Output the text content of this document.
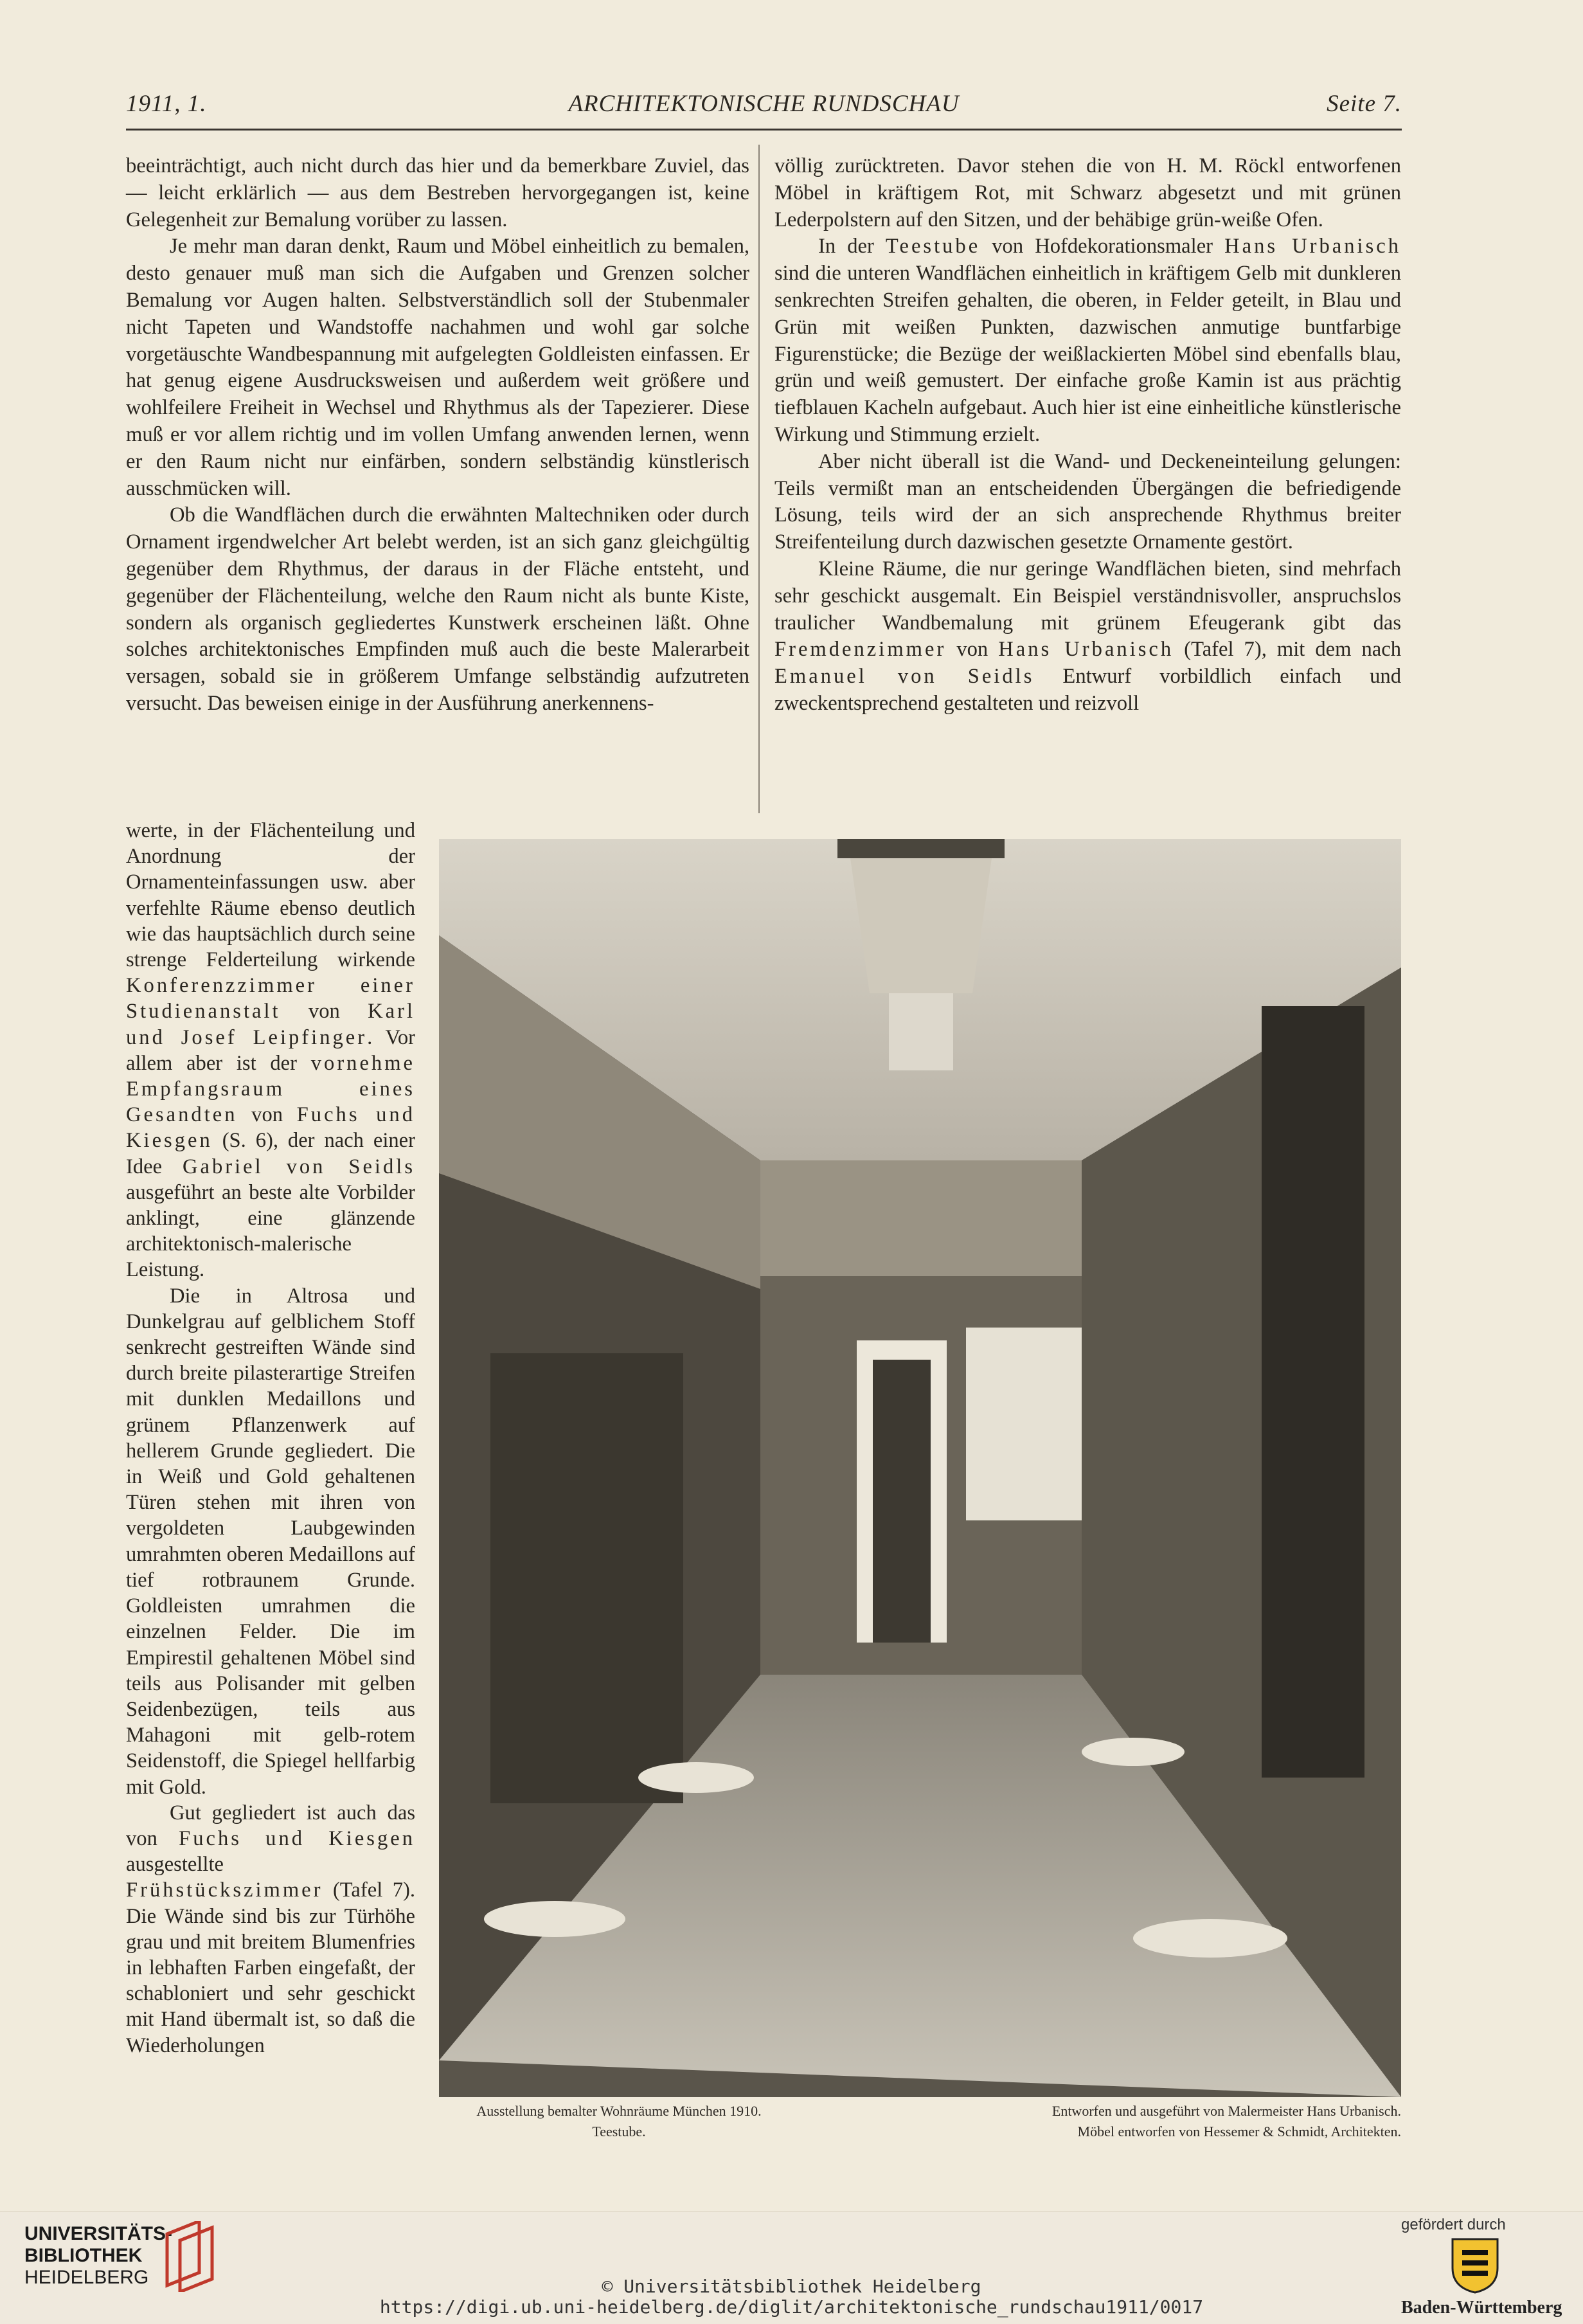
1911, 1.	ARCHITEKTONISCHE RUNDSCHAU	Seite 7.

beeinträchtigt, auch nicht durch das hier und da bemerkbare Zuviel, das — leicht erklärlich — aus dem Bestreben hervorgegangen ist, keine Gelegenheit zur Bemalung vorüber zu lassen.

Je mehr man daran denkt, Raum und Möbel einheitlich zu bemalen, desto genauer muß man sich die Aufgaben und Grenzen solcher Bemalung vor Augen halten. Selbstverständlich soll der Stubenmaler nicht Tapeten und Wandstoffe nachahmen und wohl gar solche vorgetäuschte Wandbespannung mit aufgelegten Goldleisten einfassen. Er hat genug eigene Ausdrucksweisen und außerdem weit größere und wohlfeilere Freiheit in Wechsel und Rhythmus als der Tapezierer. Diese muß er vor allem richtig und im vollen Umfang anwenden lernen, wenn er den Raum nicht nur einfärben, sondern selbständig künstlerisch ausschmücken will.

Ob die Wandflächen durch die erwähnten Maltechniken oder durch Ornament irgendwelcher Art belebt werden, ist an sich ganz gleichgültig gegenüber dem Rhythmus, der daraus in der Fläche entsteht, und gegenüber der Flächenteilung, welche den Raum nicht als bunte Kiste, sondern als organisch gegliedertes Kunstwerk erscheinen läßt. Ohne solches architektonisches Empfinden muß auch die beste Malerarbeit versagen, sobald sie in größerem Umfange selbständig aufzutreten versucht. Das beweisen einige in der Ausführung anerkennens-

völlig zurücktreten. Davor stehen die von H. M. Röckl entworfenen Möbel in kräftigem Rot, mit Schwarz abgesetzt und mit grünen Lederpolstern auf den Sitzen, und der behäbige grün-weiße Ofen.

In der Teestube von Hofdekorationsmaler Hans Urbanisch sind die unteren Wandflächen einheitlich in kräftigem Gelb mit dunkleren senkrechten Streifen gehalten, die oberen, in Felder geteilt, in Blau und Grün mit weißen Punkten, dazwischen anmutige buntfarbige Figurenstücke; die Bezüge der weißlackierten Möbel sind ebenfalls blau, grün und weiß gemustert. Der einfache große Kamin ist aus prächtig tiefblauen Kacheln aufgebaut. Auch hier ist eine einheitliche künstlerische Wirkung und Stimmung erzielt.

Aber nicht überall ist die Wand- und Deckeneinteilung gelungen: Teils vermißt man an entscheidenden Übergängen die befriedigende Lösung, teils wird der an sich ansprechende Rhythmus breiter Streifenteilung durch dazwischen gesetzte Ornamente gestört.

Kleine Räume, die nur geringe Wandflächen bieten, sind mehrfach sehr geschickt ausgemalt. Ein Beispiel verständnisvoller, anspruchslos traulicher Wandbemalung mit grünem Efeugerank gibt das Fremdenzimmer von Hans Urbanisch (Tafel 7), mit dem nach Emanuel von Seidls Entwurf vorbildlich einfach und zweckentsprechend gestalteten und reizvoll

werte, in der Flächenteilung und Anordnung der Ornamenteinfassungen usw. aber verfehlte Räume ebenso deutlich wie das hauptsächlich durch seine strenge Felderteilung wirkende Konferenzzimmer einer Studienanstalt von Karl und Josef Leipfinger. Vor allem aber ist der vornehme Empfangsraum eines Gesandten von Fuchs und Kiesgen (S. 6), der nach einer Idee Gabriel von Seidls ausgeführt an beste alte Vorbilder anklingt, eine glänzende architektonisch-malerische Leistung.

Die in Altrosa und Dunkelgrau auf gelblichem Stoff senkrecht gestreiften Wände sind durch breite pilasterartige Streifen mit dunklen Medaillons und grünem Pflanzenwerk auf hellerem Grunde gegliedert. Die in Weiß und Gold gehaltenen Türen stehen mit ihren von vergoldeten Laubgewinden umrahmten oberen Medaillons auf tief rotbraunem Grunde. Goldleisten umrahmen die einzelnen Felder. Die im Empirestil gehaltenen Möbel sind teils aus Polisander mit gelben Seidenbezügen, teils aus Mahagoni mit gelb-rotem Seidenstoff, die Spiegel hellfarbig mit Gold.

Gut gegliedert ist auch das von Fuchs und Kiesgen ausgestellte Frühstückszimmer (Tafel 7). Die Wände sind bis zur Türhöhe grau und mit breitem Blumenfries in lebhaften Farben eingefaßt, der schabloniert und sehr geschickt mit Hand übermalt ist, so daß die Wiederholungen

Ausstellung bemalter Wohnräume München 1910.
Teestube.
Entworfen und ausgeführt von Malermeister Hans Urbanisch.
Möbel entworfen von Hessemer & Schmidt, Architekten.
UNIVERSITÄTS-
BIBLIOTHEK
HEIDELBERG	© Universitätsbibliothek Heidelberg
https://digi.ub.uni-heidelberg.de/diglit/architektonische_rundschau1911/0017
gefördert durch
Baden-Württemberg
